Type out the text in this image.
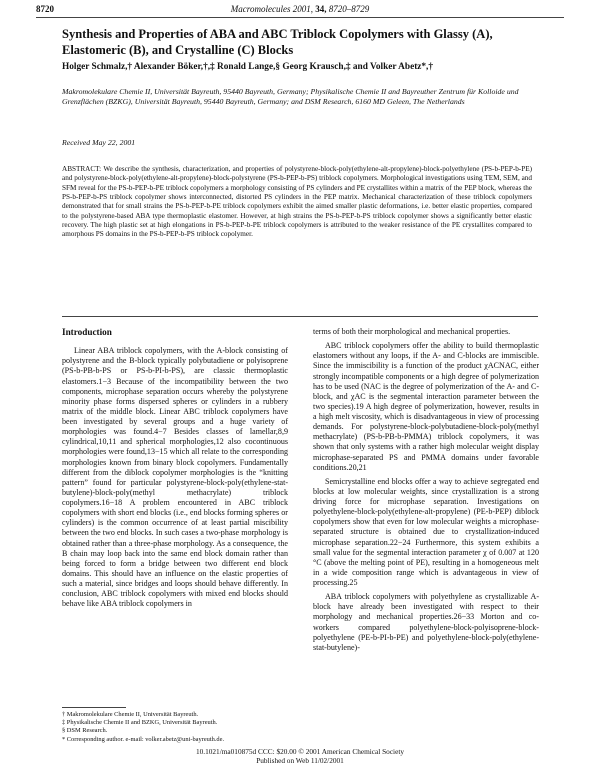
8720	Macromolecules 2001, 34, 8720–8729
Synthesis and Properties of ABA and ABC Triblock Copolymers with Glassy (A), Elastomeric (B), and Crystalline (C) Blocks
Holger Schmalz,† Alexander Böker,†,‡ Ronald Lange,§ Georg Krausch,‡ and Volker Abetz*,†
Makromolekulare Chemie II, Universität Bayreuth, 95440 Bayreuth, Germany; Physikalische Chemie II and Bayreuther Zentrum für Kolloide und Grenzflächen (BZKG), Universität Bayreuth, 95440 Bayreuth, Germany; and DSM Research, 6160 MD Geleen, The Netherlands
Received May 22, 2001
ABSTRACT: We describe the synthesis, characterization, and properties of polystyrene-block-poly(ethylene-alt-propylene)-block-polyethylene (PS-b-PEP-b-PE) and polystyrene-block-poly(ethylene-alt-propylene)-block-polystyrene (PS-b-PEP-b-PS) triblock copolymers. Morphological investigations using TEM, SEM, and SFM reveal for the PS-b-PEP-b-PE triblock copolymers a morphology consisting of PS cylinders and PE crystallites within a matrix of the PEP block, whereas the PS-b-PEP-b-PS triblock copolymer shows interconnected, distorted PS cylinders in the PEP matrix. Mechanical characterization of these triblock copolymers demonstrated that for small strains the PS-b-PEP-b-PE triblock copolymers exhibit the aimed smaller plastic deformations, i.e. better elastic properties, compared to the polystyrene-based ABA type thermoplastic elastomer. However, at high strains the PS-b-PEP-b-PS triblock copolymer shows a significantly better elastic recovery. The high plastic set at high elongations in PS-b-PEP-b-PE triblock copolymers is attributed to the weaker resistance of the PE crystallites compared to amorphous PS domains in the PS-b-PEP-b-PS triblock copolymer.
Introduction

Linear ABA triblock copolymers, with the A-block consisting of polystyrene and the B-block typically polybutadiene or polyisoprene (PS-b-PB-b-PS or PS-b-PI-b-PS), are classic thermoplastic elastomers.1−3 Because of the incompatibility between the two components, microphase separation occurs whereby the polystyrene minority phase forms dispersed spheres or cylinders in a rubbery matrix of the middle block. Linear ABC triblock copolymers have been investigated by several groups and a huge variety of morphologies was found.4−7 Besides classes of lamellar,8,9 cylindrical,10,11 and spherical morphologies,12 also cocontinuous morphologies were found,13−15 which all relate to the corresponding morphologies known from binary block copolymers. Fundamentally different from the diblock copolymer morphologies is the “knitting pattern” found for particular polystyrene-block-poly(ethylene-stat-butylene)-block-poly(methyl methacrylate) triblock copolymers.16−18 A problem encountered in ABC triblock copolymers with short end blocks (i.e., end blocks forming spheres or cylinders) is the common occurrence of at least partial miscibility between the two end blocks. In such cases a two-phase morphology is obtained rather than a three-phase morphology. As a consequence, the B chain may loop back into the same end block domain rather than being forced to form a bridge between two different end block domains. This should have an influence on the elastic properties of such a material, since bridges and loops should behave differently. In conclusion, ABC triblock copolymers with mixed end blocks should behave like ABA triblock copolymers in

terms of both their morphological and mechanical properties.

ABC triblock copolymers offer the ability to build thermoplastic elastomers without any loops, if the A- and C-blocks are immiscible. Since the immiscibility is a function of the product χACNAC, either strongly incompatible components or a high degree of polymerization has to be used (NAC is the degree of polymerization of the A- and C-block, and χAC is the segmental interaction parameter between the two species).19 A high degree of polymerization, however, results in a high melt viscosity, which is disadvantageous in view of processing demands. For polystyrene-block-polybutadiene-block-poly(methyl methacrylate) (PS-b-PB-b-PMMA) triblock copolymers, it was shown that only systems with a rather high molecular weight display microphase-separated PS and PMMA domains under favorable conditions.20,21

Semicrystalline end blocks offer a way to achieve segregated end blocks at low molecular weights, since crystallization is a strong driving force for microphase separation. Investigations on polyethylene-block-poly(ethylene-alt-propylene) (PE-b-PEP) diblock copolymers show that even for low molecular weights a microphase-separated structure is obtained due to crystallization-induced microphase separation.22−24 Furthermore, this system exhibits a small value for the segmental interaction parameter χ of 0.007 at 120 °C (above the melting point of PE), resulting in a homogeneous melt in a wide composition range which is advantageous in view of processing.25

ABA triblock copolymers with polyethylene as crystallizable A-block have already been investigated with respect to their morphology and mechanical properties.26−33 Morton and co-workers compared polyethylene-block-polyisoprene-block-polyethylene (PE-b-PI-b-PE) and polyethylene-block-poly(ethylene-stat-butylene)-

† Makromolekulare Chemie II, Universität Bayreuth.
‡ Physikalische Chemie II and BZKG, Universität Bayreuth.
§ DSM Research.
* Corresponding author. e-mail: volker.abetz@uni-bayreuth.de.
10.1021/ma010875d CCC: $20.00 © 2001 American Chemical Society
Published on Web 11/02/2001
